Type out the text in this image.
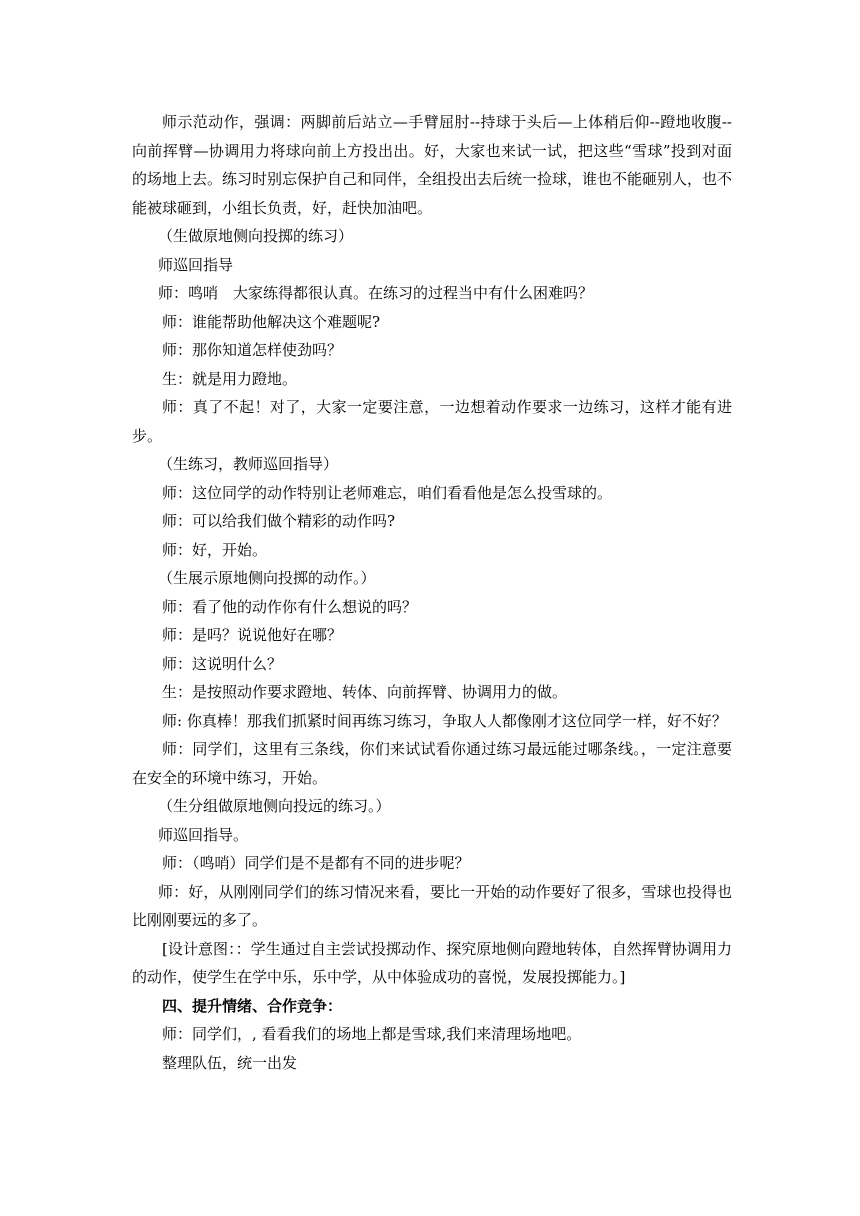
师示范动作，强调：两脚前后站立—手臂屈肘--持球于头后—上体稍后仰--蹬地收腹--向前挥臂—协调用力将球向前上方投出出。好，大家也来试一试，把这些“雪球”投到对面的场地上去。练习时别忘保护自己和同伴，全组投出去后统一捡球，谁也不能砸别人，也不能被球砸到，小组长负责，好，赶快加油吧。

（生做原地侧向投掷的练习）

师巡回指导

师：鸣哨　大家练得都很认真。在练习的过程当中有什么困难吗？

师：谁能帮助他解决这个难题呢?

师：那你知道怎样使劲吗？

生：就是用力蹬地。

师：真了不起！对了，大家一定要注意，一边想着动作要求一边练习，这样才能有进步。

（生练习，教师巡回指导）

师：这位同学的动作特别让老师难忘，咱们看看他是怎么投雪球的。

师：可以给我们做个精彩的动作吗?

师：好，开始。

（生展示原地侧向投掷的动作。）

师：看了他的动作你有什么想说的吗？

师：是吗？说说他好在哪？

师：这说明什么？

生：是按照动作要求蹬地、转体、向前挥臂、协调用力的做。

师: 你真棒！那我们抓紧时间再练习练习，争取人人都像刚才这位同学一样，好不好？

师：同学们，这里有三条线，你们来试试看你通过练习最远能过哪条线。，一定注意要在安全的环境中练习，开始。

（生分组做原地侧向投远的练习。）

师巡回指导。

师：（鸣哨）同学们是不是都有不同的进步呢？

师：好，从刚刚同学们的练习情况来看，要比一开始的动作要好了很多，雪球也投得也比刚刚要远的多了。

[设计意图：：学生通过自主尝试投掷动作、探究原地侧向蹬地转体，自然挥臂协调用力的动作，使学生在学中乐，乐中学，从中体验成功的喜悦，发展投掷能力。]

四、提升情绪、合作竞争：

师：同学们，, 看看我们的场地上都是雪球,我们来清理场地吧。

整理队伍，统一出发
